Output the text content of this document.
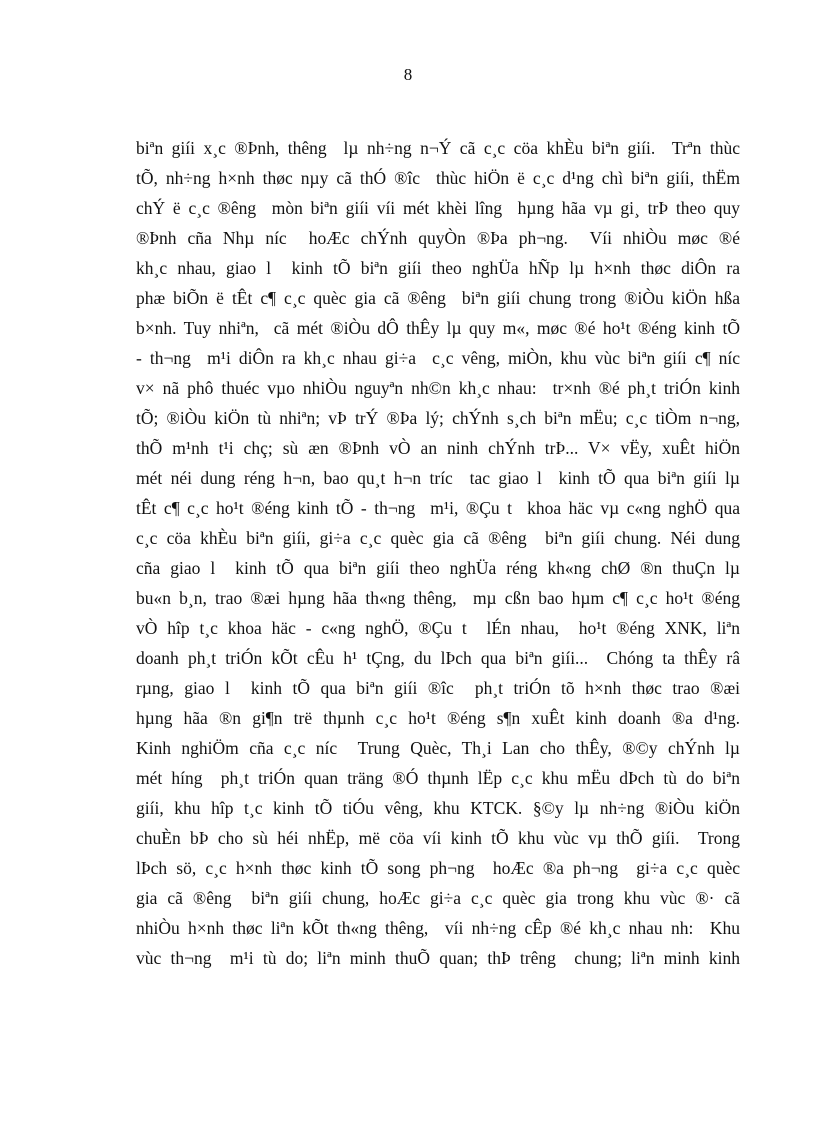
8
biªn giíi x¸c ®Þnh, thêng  lµ nh÷ng n¬Ý cã c¸c cöa khÈu biªn giíi.  Trªn thùc
tÕ, nh÷ng h×nh thøc nµy cã thÓ ®îc  thùc hiÖn ë c¸c d¹ng chì biªn giíi, thËm
chÝ ë c¸c ®êng  mòn biªn giíi víi mét khèi lîng  hµng hãa vµ gi¸ trÞ theo quy
®Þnh cña Nhµ níc  hoÆc chÝnh quyÒn ®Þa ph¬ng.  Víi nhiÒu møc ®é
kh¸c nhau, giao l  kinh tÕ biªn giíi theo nghÜa hÑp lµ h×nh thøc diÔn ra
phæ biÕn ë tÊt c¶ c¸c quèc gia cã ®êng  biªn giíi chung trong ®iÒu kiÖn hßa
b×nh. Tuy nhiªn,  cã mét ®iÒu dÔ thÊy lµ quy m«, møc ®é ho¹t ®éng kinh tÕ
- th¬ng  m¹i diÔn ra kh¸c nhau gi÷a  c¸c vêng, miÒn, khu vùc biªn giíi c¶ níc
v× nã phô thuéc vµo nhiÒu nguyªn nh©n kh¸c nhau:  tr×nh ®é ph¸t triÓn kinh
tÕ; ®iÒu kiÖn tù nhiªn; vÞ trÝ ®Þa lý; chÝnh s¸ch biªn mËu; c¸c tiÒm n¬ng,
thÕ m¹nh t¹i chç; sù æn ®Þnh vÒ an ninh chÝnh trÞ... V× vËy, xuÊt hiÖn
mét néi dung réng h¬n, bao qu¸t h¬n tríc  tac giao l  kinh tÕ qua biªn giíi lµ
tÊt c¶ c¸c ho¹t ®éng kinh tÕ - th¬ng  m¹i, ®Çu t  khoa häc vµ c«ng nghÖ qua
c¸c cöa khÈu biªn giíi, gi÷a c¸c quèc gia cã ®êng  biªn giíi chung. Néi dung
cña giao l  kinh tÕ qua biªn giíi theo nghÜa réng kh«ng chØ ®n thuÇn lµ
bu«n b¸n, trao ®æi hµng hãa th«ng thêng,  mµ cßn bao hµm c¶ c¸c ho¹t ®éng
vÒ hîp t¸c khoa häc - c«ng nghÖ, ®Çu t  lÉn nhau,  ho¹t ®éng XNK, liªn
doanh ph¸t triÓn kÕt cÊu h¹ tÇng, du lÞch qua biªn giíi...  Chóng ta thÊy râ
rµng, giao l  kinh tÕ qua biªn giíi ®îc  ph¸t triÓn tõ h×nh thøc trao ®æi
hµng hãa ®n gi¶n trë thµnh c¸c ho¹t ®éng s¶n xuÊt kinh doanh ®a d¹ng.
Kinh nghiÖm cña c¸c níc  Trung Quèc, Th¸i Lan cho thÊy, ®©y chÝnh lµ
mét híng  ph¸t triÓn quan träng ®Ó thµnh lËp c¸c khu mËu dÞch tù do biªn
giíi, khu hîp t¸c kinh tÕ tiÓu vêng, khu KTCK. §©y lµ nh÷ng ®iÒu kiÖn
chuÈn bÞ cho sù héi nhËp, më cöa víi kinh tÕ khu vùc vµ thÕ giíi.  Trong
lÞch sö, c¸c h×nh thøc kinh tÕ song ph¬ng  hoÆc ®a ph¬ng  gi÷a c¸c quèc
gia cã ®êng  biªn giíi chung, hoÆc gi÷a c¸c quèc gia trong khu vùc ®· cã
nhiÒu h×nh thøc liªn kÕt th«ng thêng,  víi nh÷ng cÊp ®é kh¸c nhau nh:  Khu
vùc th¬ng  m¹i tù do; liªn minh thuÕ quan; thÞ trêng  chung; liªn minh kinh
